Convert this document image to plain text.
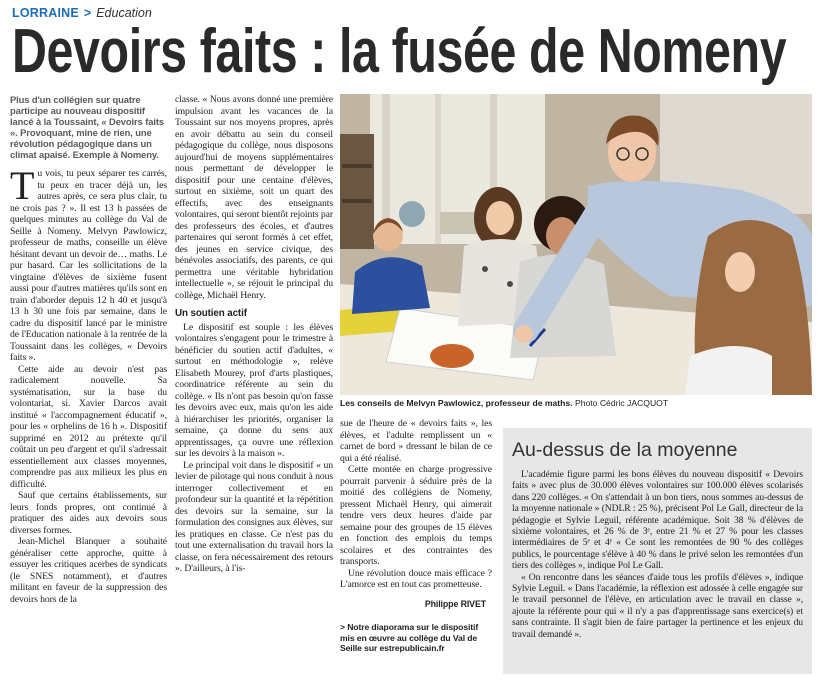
LORRAINE > Education
Devoirs faits : la fusée de Nomeny

Plus d'un collégien sur quatre participe au nouveau dispositif lancé à la Toussaint, « Devoirs faits ». Provoquant, mine de rien, une révolution pédagogique dans un climat apaisé. Exemple à Nomeny.

Tu vois, tu peux séparer tes carrés, tu peux en tracer déjà un, les autres après, ce sera plus clair, tu ne crois pas ? ». Il est 13 h passées de quelques minutes au collège du Val de Seille à Nomeny. Melvyn Pawlowicz, professeur de maths, conseille un élève hésitant devant un devoir de… maths. Le pur hasard. Car les sollicitations de la vingtaine d'élèves de sixième fusent aussi pour d'autres matières qu'ils sont en train d'aborder depuis 12 h 40 et jusqu'à 13 h 30 une fois par semaine, dans le cadre du dispositif lancé par le ministre de l'Education nationale à la rentrée de la Toussaint dans les collèges, « Devoirs faits ».

Cette aide au devoir n'est pas radicalement nouvelle. Sa systématisation, sur la base du volontariat, si. Xavier Darcos avait institué « l'accompagnement éducatif », pour les « orphelins de 16 h ». Dispositif supprimé en 2012 au prétexte qu'il coûtait un peu d'argent et qu'il s'adressait essentiellement aux classes moyennes, comprendre pas aux milieux les plus en difficulté.

Sauf que certains établissements, sur leurs fonds propres, ont continué à pratiquer des aides aux devoirs sous diverses formes.

Jean-Michel Blanquer a souhaité généraliser cette approche, quitte à essuyer les critiques acerbes de syndicats (le SNES notamment), et d'autres militant en faveur de la suppression des devoirs hors de la

classe. « Nous avons donné une première impulsion avant les vacances de la Toussaint sur nos moyens propres, après en avoir débattu au sein du conseil pédagogique du collège, nous disposons aujourd'hui de moyens supplémentaires nous permettant de développer le dispositif pour une centaine d'élèves, surtout en sixième, soit un quart des effectifs, avec des enseignants volontaires, qui seront bientôt rejoints par des professeurs des écoles, et d'autres partenaires qui seront formés à cet effet, des jeunes en service civique, des bénévoles associatifs, des parents, ce qui permettra une véritable hybridation intellectuelle », se réjouit le principal du collège, Michaël Henry.

Un soutien actif

Le dispositif est souple : les élèves volontaires s'engagent pour le trimestre à bénéficier du soutien actif d'adultes, « surtout en méthodologie », relève Elisabeth Mourey, prof d'arts plastiques, coordinatrice référente au sein du collège. « Ils n'ont pas besoin qu'on fasse les devoirs avec eux, mais qu'on les aide à hiérarchiser les priorités, organiser la semaine, ça donne du sens aux apprentissages, ça ouvre une réflexion sur les devoirs à la maison ».

Le principal voit dans le dispositif « un levier de pilotage qui nous conduit à nous interroger collectivement et en profondeur sur la quantité et la répétition des devoirs sur la semaine, sur la formulation des consignes aux élèves, sur les pratiques en classe. Ce n'est pas du tout une externalisation du travail hors la classe, on fera nécessairement des retours ». D'ailleurs, à l'is-

Les conseils de Melvyn Pawlowicz, professeur de maths. Photo Cédric JACQUOT

sue de l'heure de « devoirs faits », les élèves, et l'adulte remplissent un « carnet de bord » dressant le bilan de ce qui a été réalisé.

Cette montée en charge progressive pourrait parvenir à séduire près de la moitié des collégiens de Nomeny, pressent Michaël Henry, qui aimerait tendre vers deux heures d'aide par semaine pour des groupes de 15 élèves en fonction des emplois du temps scolaires et des contraintes des transports.

Une révolution douce mais efficace ? L'amorce est en tout cas prometteuse.

Philippe RIVET
> Notre diaporama sur le dispositif mis en œuvre au collège du Val de Seille sur estrepublicain.fr
Au-dessus de la moyenne

L'académie figure parmi les bons élèves du nouveau dispositif « Devoirs faits » avec plus de 30.000 élèves volontaires sur 100.000 élèves scolarisés dans 220 collèges. « On s'attendait à un bon tiers, nous sommes au-dessus de la moyenne nationale » (NDLR : 25 %), précisent Pol Le Gall, directeur de la pédagogie et Sylvie Leguil, référente académique. Soit 38 % d'élèves de sixième volontaires, et 26 % de 3ᵉ, entre 21 % et 27 % pour les classes intermédiaires de 5ᵉ et 4ᵉ « Ce sont les remontées de 90 % des collèges publics, le pourcentage s'élève à 40 % dans le privé selon les remontées d'un tiers des collèges », indique Pol Le Gall.

« On rencontre dans les séances d'aide tous les profils d'élèves », indique Sylvie Leguil. « Dans l'académie, la réflexion est adossée à celle engagée sur le travail personnel de l'élève, en articulation avec le travail en classe », ajoute la référente pour qui « il n'y a pas d'apprentissage sans exercice(s) et sans contrainte. Il s'agit bien de faire partager la pertinence et les enjeux du travail demandé ».
